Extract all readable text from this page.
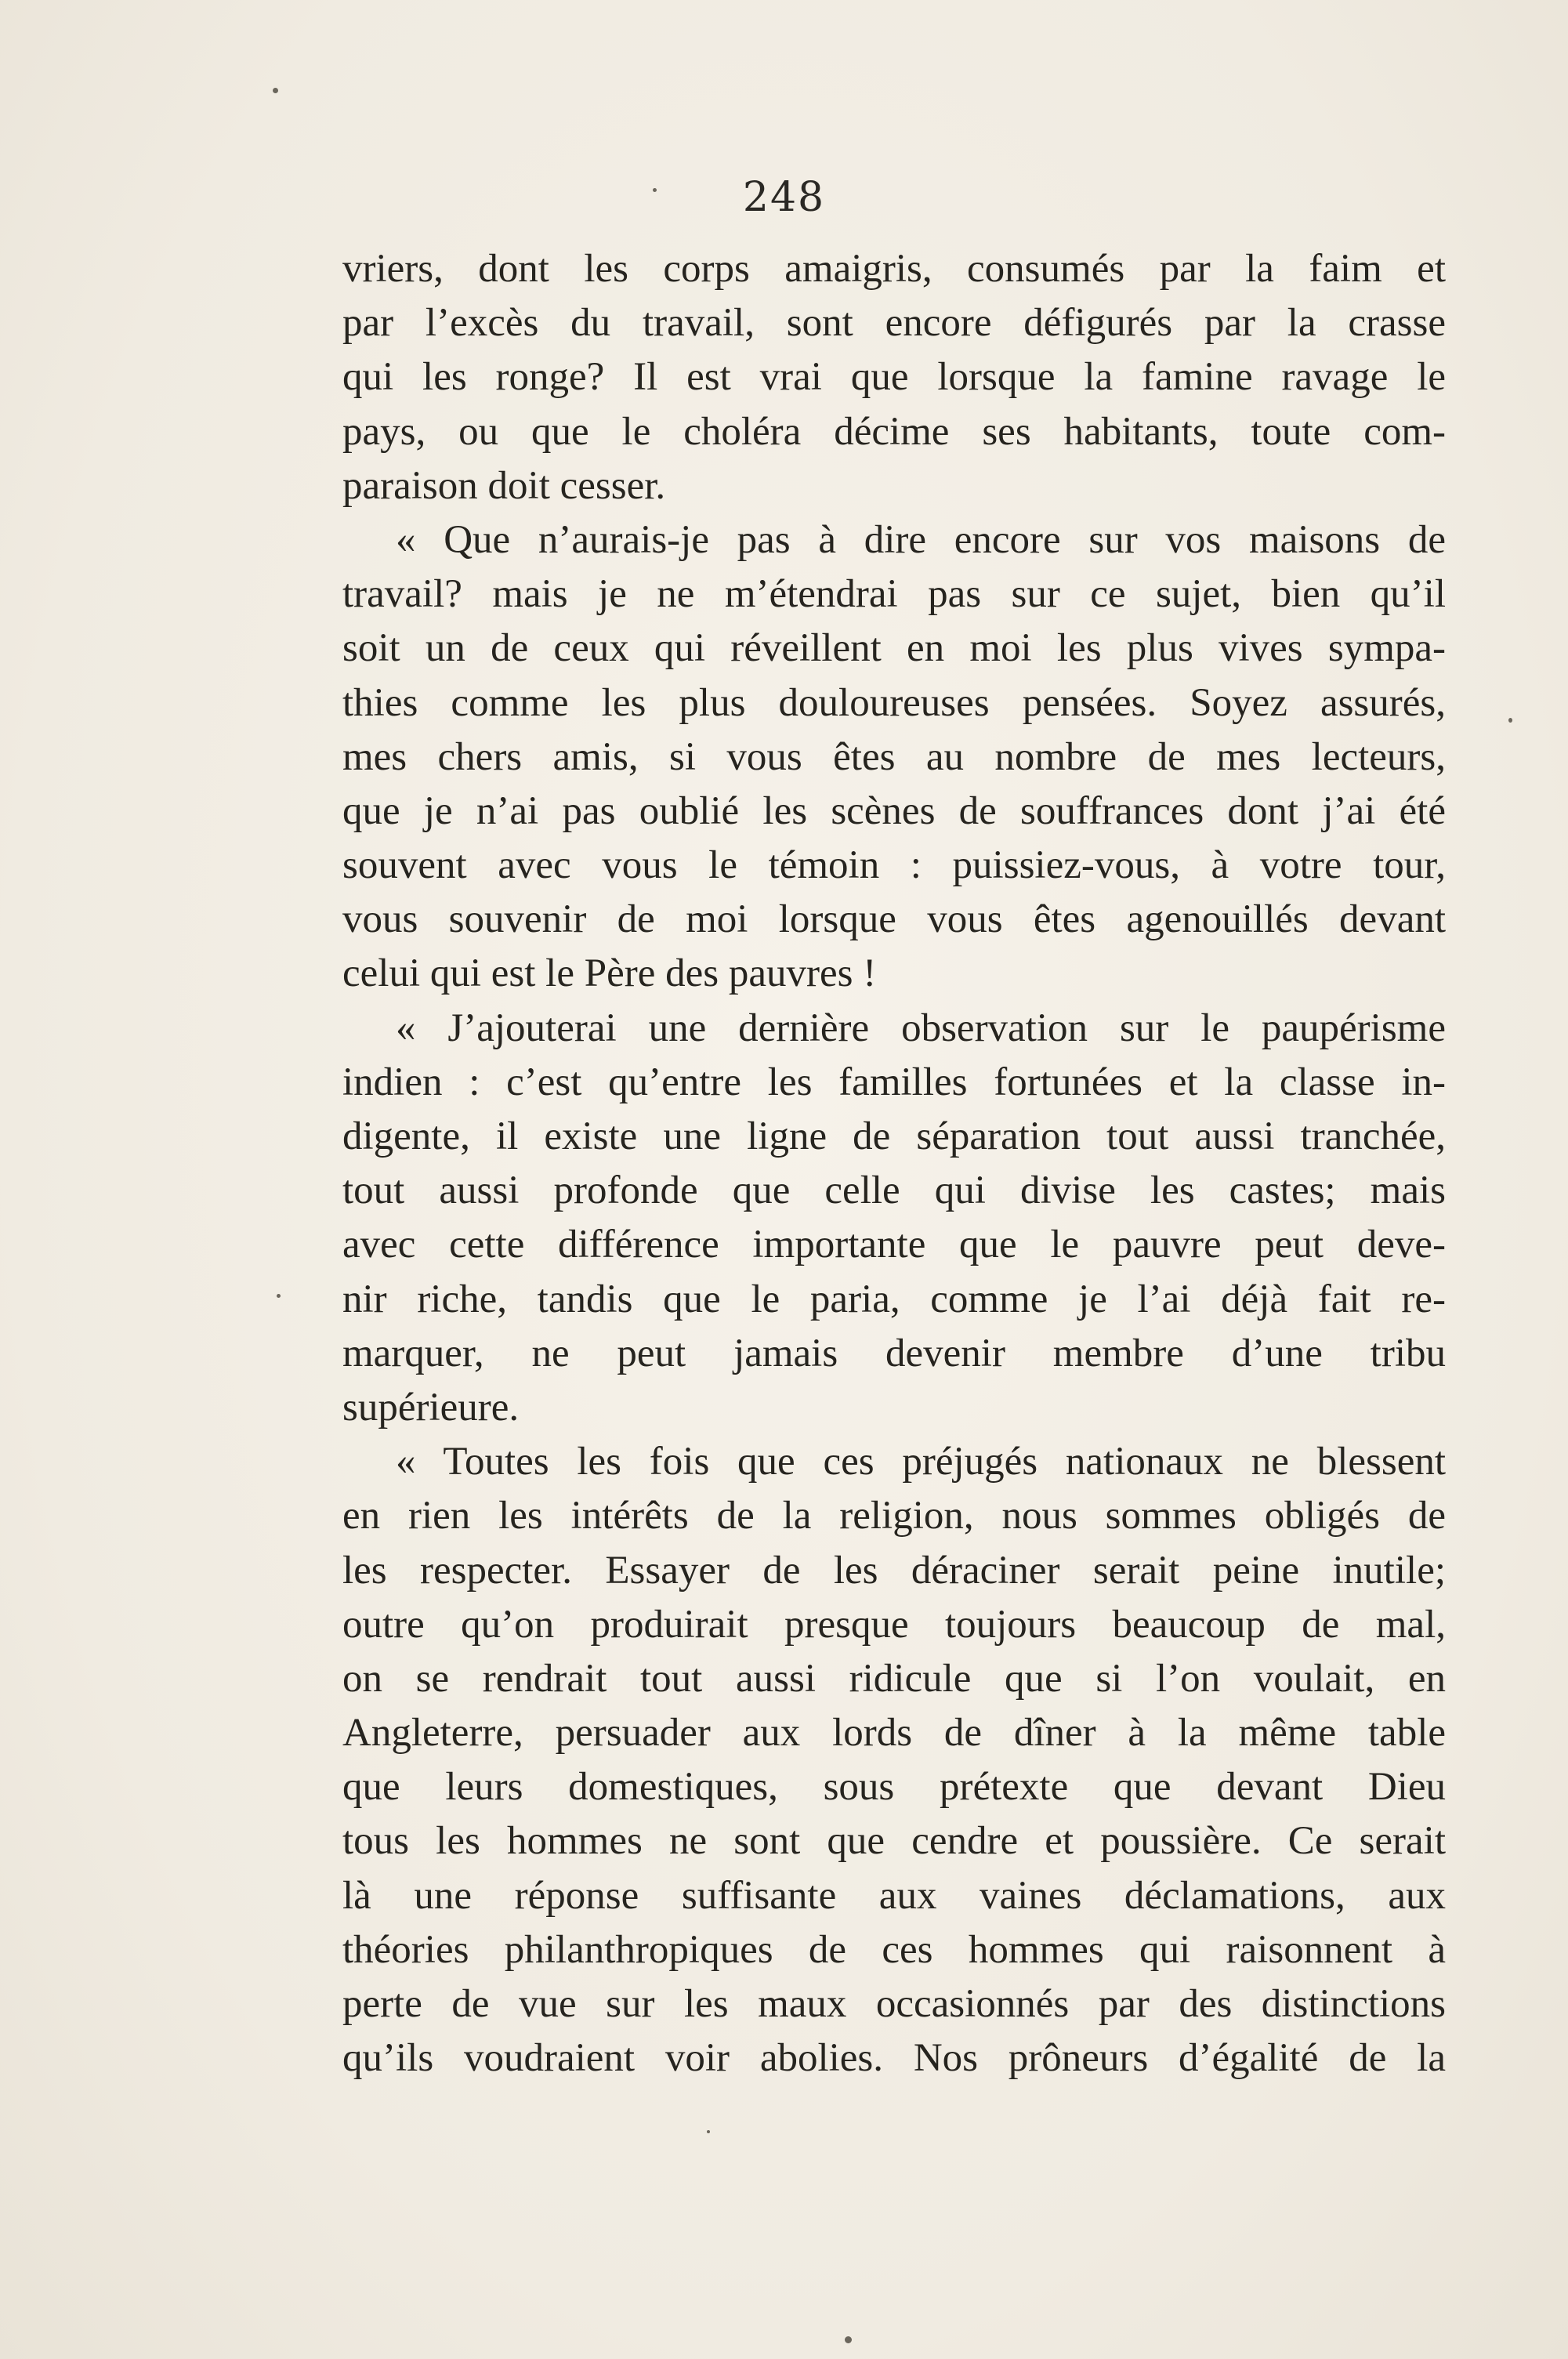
248
vriers, dont les corps amaigris, consumés par la faim et
par l’excès du travail, sont encore défigurés par la crasse
qui les ronge? Il est vrai que lorsque la famine ravage le
pays, ou que le choléra décime ses habitants, toute com-
paraison doit cesser.
« Que n’aurais-je pas à dire encore sur vos maisons de
travail? mais je ne m’étendrai pas sur ce sujet, bien qu’il
soit un de ceux qui réveillent en moi les plus vives sympa-
thies comme les plus douloureuses pensées. Soyez assurés,
mes chers amis, si vous êtes au nombre de mes lecteurs,
que je n’ai pas oublié les scènes de souffrances dont j’ai été
souvent avec vous le témoin : puissiez-vous, à votre tour,
vous souvenir de moi lorsque vous êtes agenouillés devant
celui qui est le Père des pauvres !
« J’ajouterai une dernière observation sur le paupérisme
indien : c’est qu’entre les familles fortunées et la classe in-
digente, il existe une ligne de séparation tout aussi tranchée,
tout aussi profonde que celle qui divise les castes; mais
avec cette différence importante que le pauvre peut deve-
nir riche, tandis que le paria, comme je l’ai déjà fait re-
marquer, ne peut jamais devenir membre d’une tribu
supérieure.
« Toutes les fois que ces préjugés nationaux ne blessent
en rien les intérêts de la religion, nous sommes obligés de
les respecter. Essayer de les déraciner serait peine inutile;
outre qu’on produirait presque toujours beaucoup de mal,
on se rendrait tout aussi ridicule que si l’on voulait, en
Angleterre, persuader aux lords de dîner à la même table
que leurs domestiques, sous prétexte que devant Dieu
tous les hommes ne sont que cendre et poussière. Ce serait
là une réponse suffisante aux vaines déclamations, aux
théories philanthropiques de ces hommes qui raisonnent à
perte de vue sur les maux occasionnés par des distinctions
qu’ils voudraient voir abolies. Nos prôneurs d’égalité de la
